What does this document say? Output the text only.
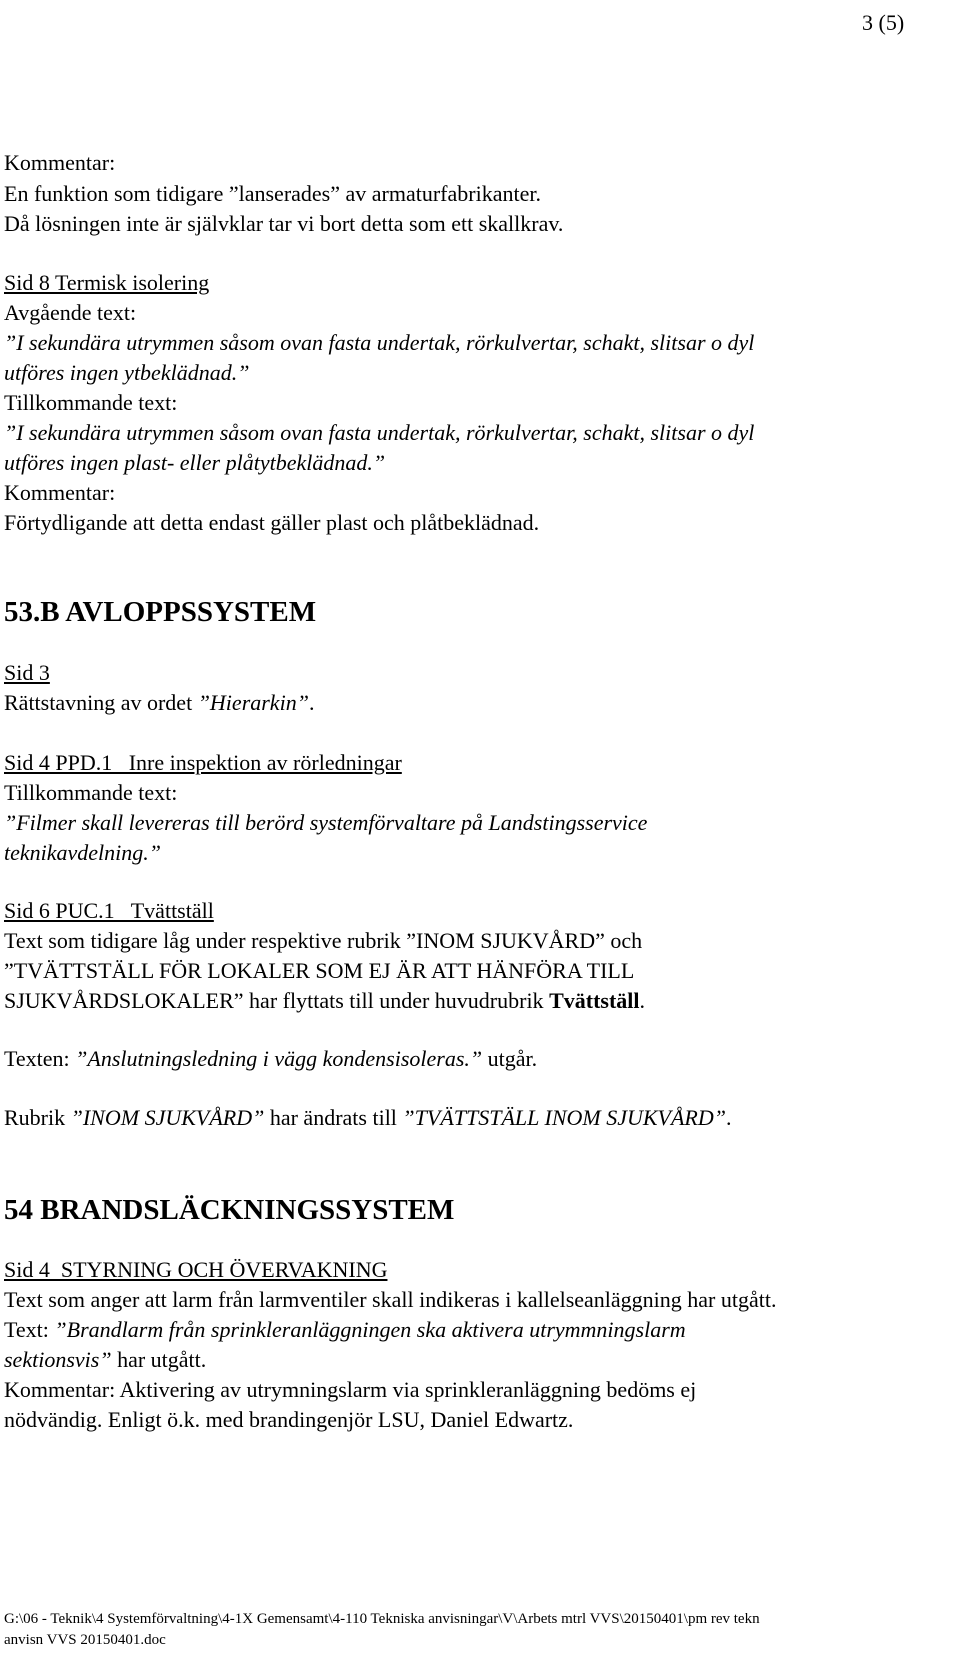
3 (5)
Kommentar:
En funktion som tidigare ”lanserades” av armaturfabrikanter.
Då lösningen inte är självklar tar vi bort detta som ett skallkrav.
Sid 8 Termisk isolering
Avgående text:
”I sekundära utrymmen såsom ovan fasta undertak, rörkulvertar, schakt, slitsar o dyl
utföres ingen ytbeklädnad.”
Tillkommande text:
”I sekundära utrymmen såsom ovan fasta undertak, rörkulvertar, schakt, slitsar o dyl
utföres ingen plast- eller plåtytbeklädnad.”
Kommentar:
Förtydligande att detta endast gäller plast och plåtbeklädnad.
53.B AVLOPPSSYSTEM
Sid 3
Rättstavning av ordet ”Hierarkin”.
Sid 4 PPD.1   Inre inspektion av rörledningar
Tillkommande text:
”Filmer skall levereras till berörd systemförvaltare på Landstingsservice
teknikavdelning.”
Sid 6 PUC.1   Tvättställ
Text som tidigare låg under respektive rubrik ”INOM SJUKVÅRD” och
”TVÄTTSTÄLL FÖR LOKALER SOM EJ ÄR ATT HÄNFÖRA TILL
SJUKVÅRDSLOKALER” har flyttats till under huvudrubrik Tvättställ.
Texten: ”Anslutningsledning i vägg kondensisoleras.” utgår.
Rubrik ”INOM SJUKVÅRD” har ändrats till ”TVÄTTSTÄLL INOM SJUKVÅRD”.
54 BRANDSLÄCKNINGSSYSTEM
Sid 4  STYRNING OCH ÖVERVAKNING
Text som anger att larm från larmventiler skall indikeras i kallelseanläggning har utgått.
Text: ”Brandlarm från sprinkleranläggningen ska aktivera utrymmningslarm
sektionsvis” har utgått.
Kommentar: Aktivering av utrymningslarm via sprinkleranläggning bedöms ej
nödvändig. Enligt ö.k. med brandingenjör LSU, Daniel Edwartz.
G:\06 - Teknik\4 Systemförvaltning\4-1X Gemensamt\4-110 Tekniska anvisningar\V\Arbets mtrl VVS\20150401\pm rev tekn
anvisn VVS 20150401.doc
